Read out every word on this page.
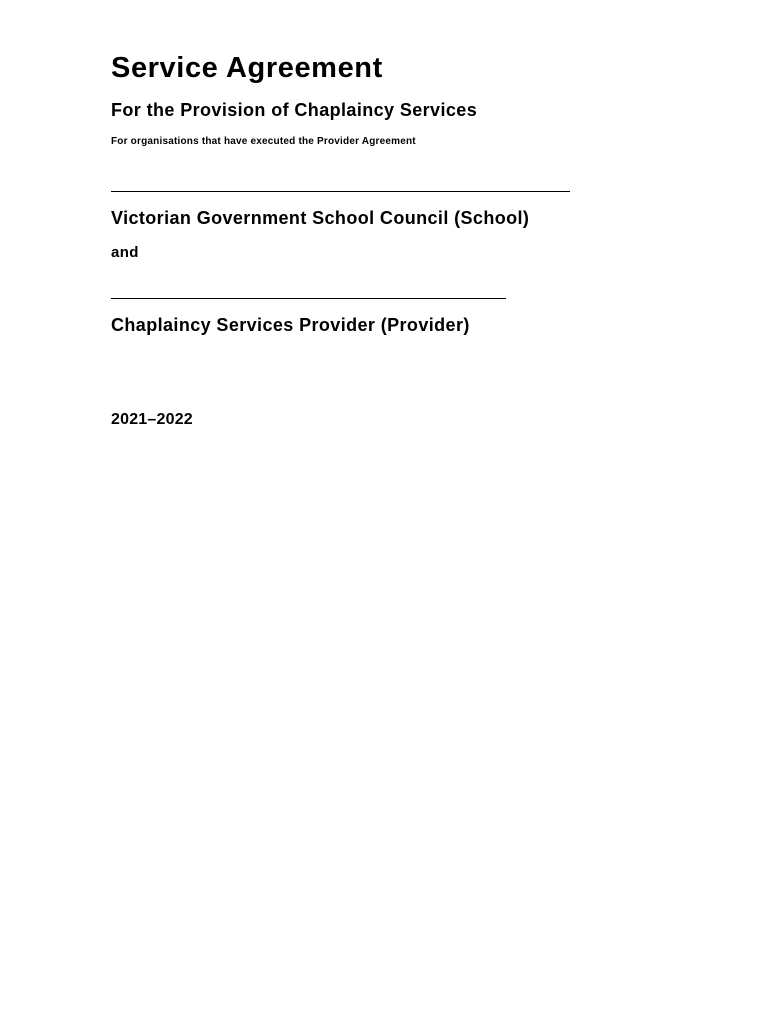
Service Agreement
For the Provision of Chaplaincy Services

For organisations that have executed the Provider Agreement

Victorian Government School Council (School)

and

Chaplaincy Services Provider (Provider)

2021–2022
